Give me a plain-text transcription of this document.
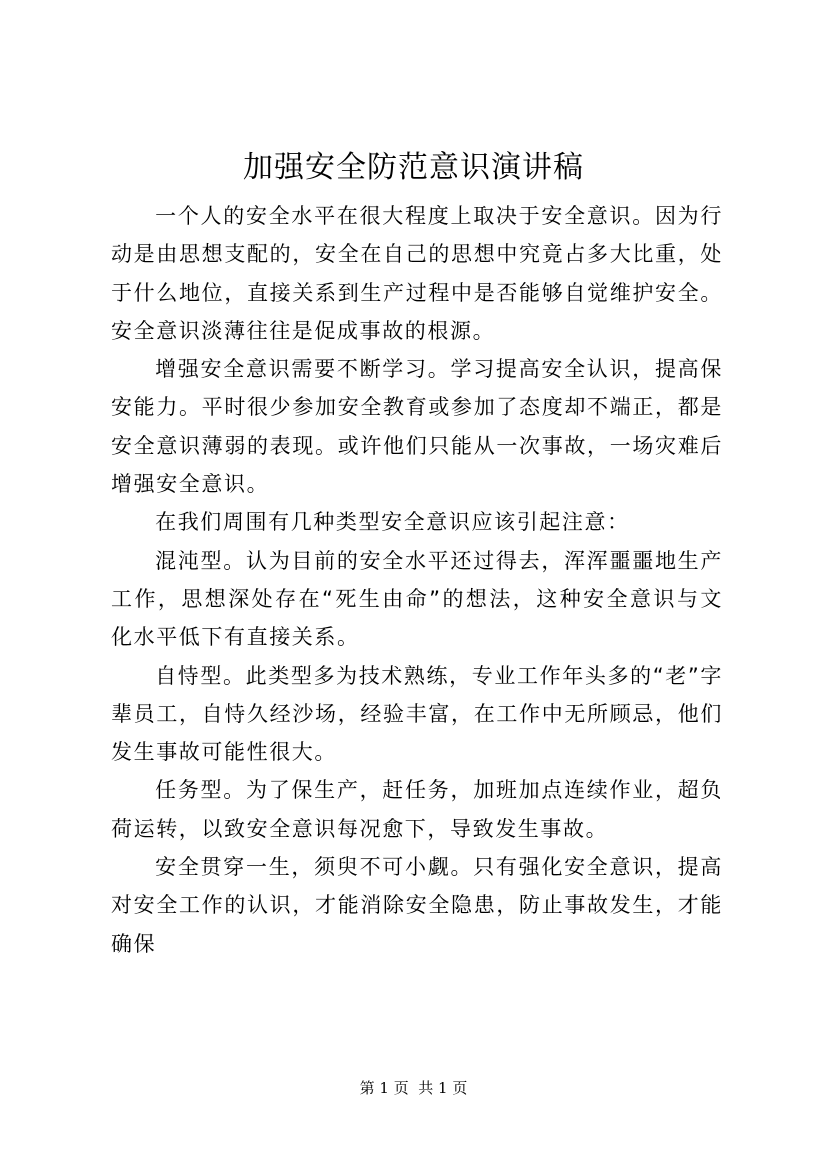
加强安全防范意识演讲稿

一个人的安全水平在很大程度上取决于安全意识。因为行动是由思想支配的，安全在自己的思想中究竟占多大比重，处于什么地位，直接关系到生产过程中是否能够自觉维护安全。安全意识淡薄往往是促成事故的根源。

增强安全意识需要不断学习。学习提高安全认识，提高保安能力。平时很少参加安全教育或参加了态度却不端正，都是安全意识薄弱的表现。或许他们只能从一次事故，一场灾难后增强安全意识。

在我们周围有几种类型安全意识应该引起注意：

混沌型。认为目前的安全水平还过得去，浑浑噩噩地生产工作，思想深处存在“死生由命”的想法，这种安全意识与文化水平低下有直接关系。

自恃型。此类型多为技术熟练，专业工作年头多的“老”字辈员工，自恃久经沙场，经验丰富，在工作中无所顾忌，他们发生事故可能性很大。

任务型。为了保生产，赶任务，加班加点连续作业，超负荷运转，以致安全意识每况愈下，导致发生事故。

安全贯穿一生，须臾不可小觑。只有强化安全意识，提高对安全工作的认识，才能消除安全隐患，防止事故发生，才能确保

第 1 页  共 1 页
